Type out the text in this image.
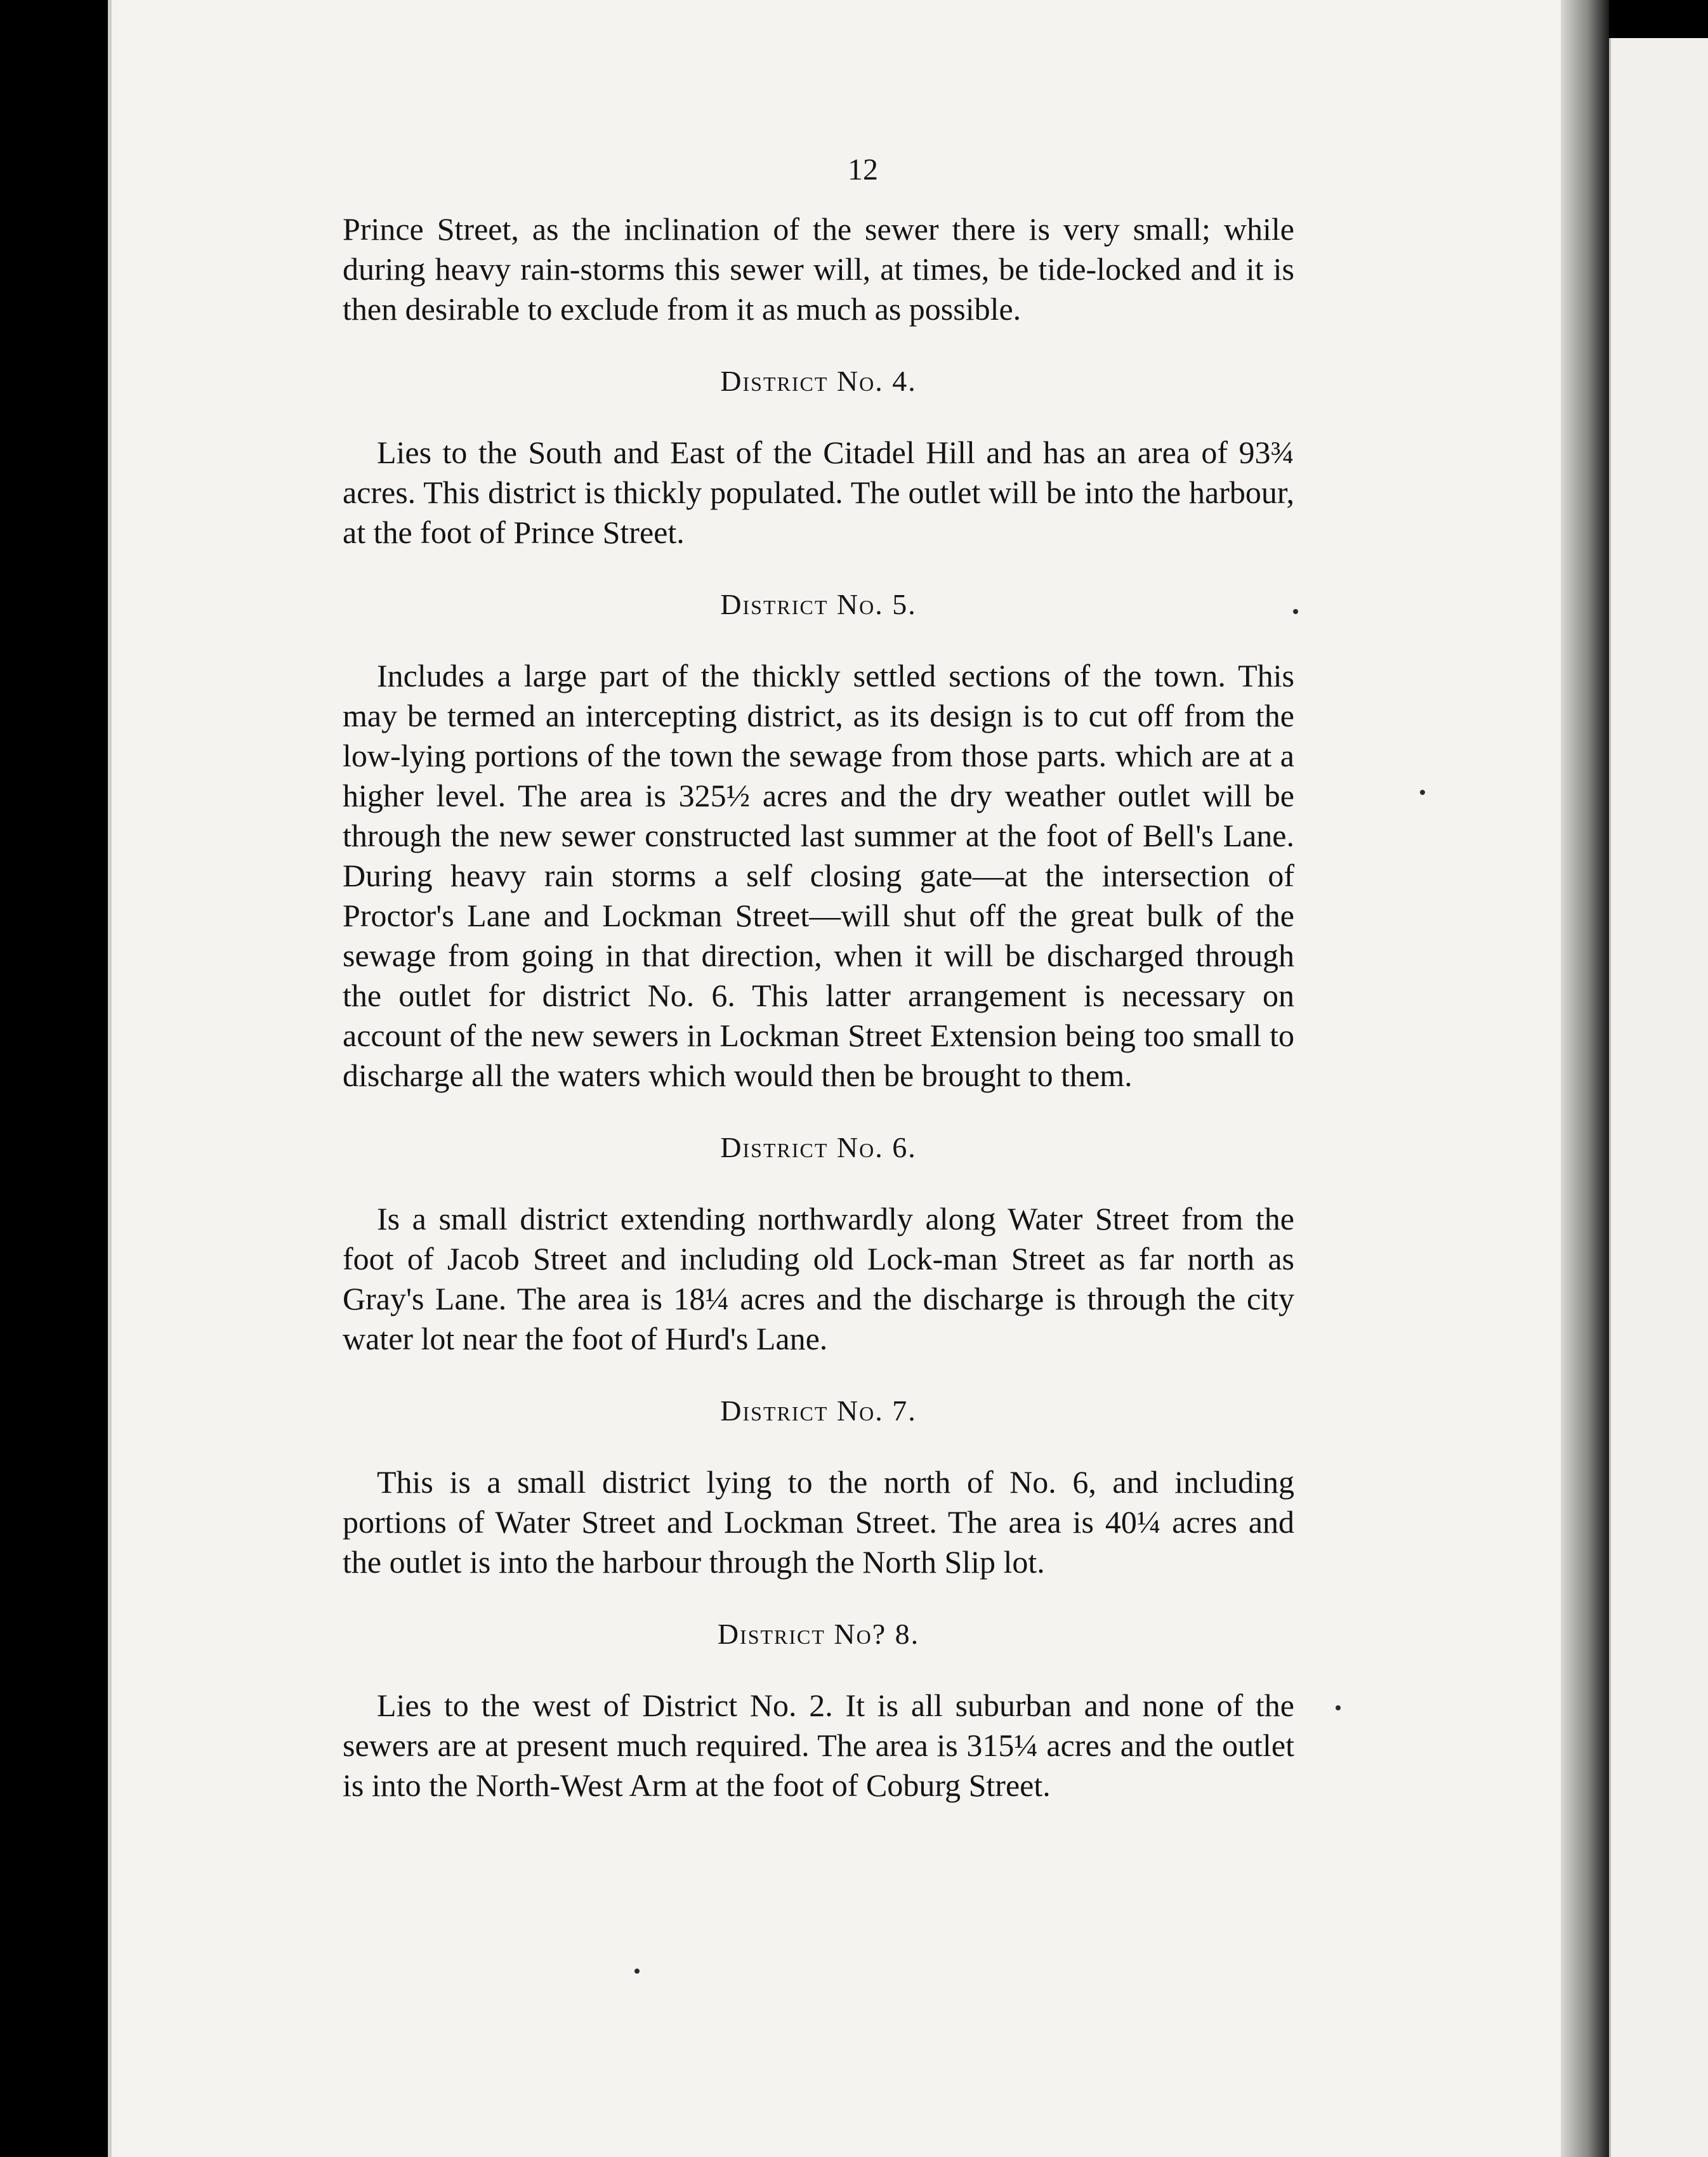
12

Prince Street, as the inclination of the sewer there is very small; while during heavy rain-storms this sewer will, at times, be tide-locked and it is then desirable to exclude from it as much as possible.

District No. 4.

Lies to the South and East of the Citadel Hill and has an area of 93¾ acres. This district is thickly populated. The outlet will be into the harbour, at the foot of Prince Street.

District No. 5.

Includes a large part of the thickly settled sections of the town. This may be termed an intercepting district, as its design is to cut off from the low-lying portions of the town the sewage from those parts. which are at a higher level. The area is 325½ acres and the dry weather outlet will be through the new sewer constructed last summer at the foot of Bell's Lane. During heavy rain storms a self closing gate—at the intersection of Proctor's Lane and Lockman Street—will shut off the great bulk of the sewage from going in that direction, when it will be discharged through the outlet for district No. 6. This latter arrangement is necessary on account of the new sewers in Lockman Street Extension being too small to discharge all the waters which would then be brought to them.

District No. 6.

Is a small district extending northwardly along Water Street from the foot of Jacob Street and including old Lock-man Street as far north as Gray's Lane. The area is 18¼ acres and the discharge is through the city water lot near the foot of Hurd's Lane.

District No. 7.

This is a small district lying to the north of No. 6, and including portions of Water Street and Lockman Street. The area is 40¼ acres and the outlet is into the harbour through the North Slip lot.

District No? 8.

Lies to the west of District No. 2. It is all suburban and none of the sewers are at present much required. The area is 315¼ acres and the outlet is into the North-West Arm at the foot of Coburg Street.
